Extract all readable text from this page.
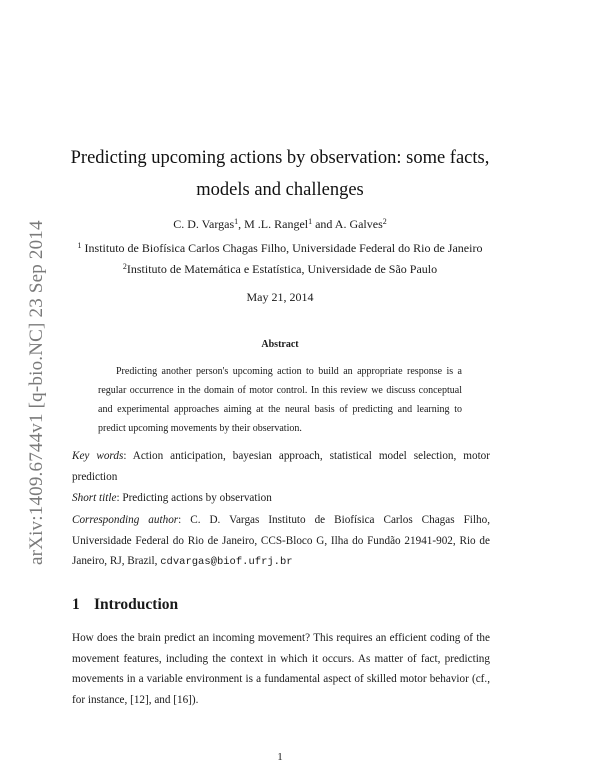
arXiv:1409.6744v1 [q-bio.NC] 23 Sep 2014
Predicting upcoming actions by observation: some facts, models and challenges
C. D. Vargas$^1$, M .L. Rangel$^1$ and A. Galves$^2$
$^1$ Instituto de Biofísica Carlos Chagas Filho, Universidade Federal do Rio de Janeiro
$^2$Instituto de Matemática e Estatística, Universidade de São Paulo
May 21, 2014
Abstract
Predicting another person's upcoming action to build an appropriate response is a regular occurrence in the domain of motor control. In this review we discuss conceptual and experimental approaches aiming at the neural basis of predicting and learning to predict upcoming movements by their observation.
Key words: Action anticipation, bayesian approach, statistical model selection, motor prediction
Short title: Predicting actions by observation
Corresponding author: C. D. Vargas Instituto de Biofísica Carlos Chagas Filho, Universidade Federal do Rio de Janeiro, CCS-Bloco G, Ilha do Fundão 21941-902, Rio de Janeiro, RJ, Brazil, cdvargas@biof.ufrj.br
1 Introduction
How does the brain predict an incoming movement? This requires an efficient coding of the movement features, including the context in which it occurs. As matter of fact, predicting movements in a variable environment is a fundamental aspect of skilled motor behavior (cf., for instance, [12], and [16]).
1
